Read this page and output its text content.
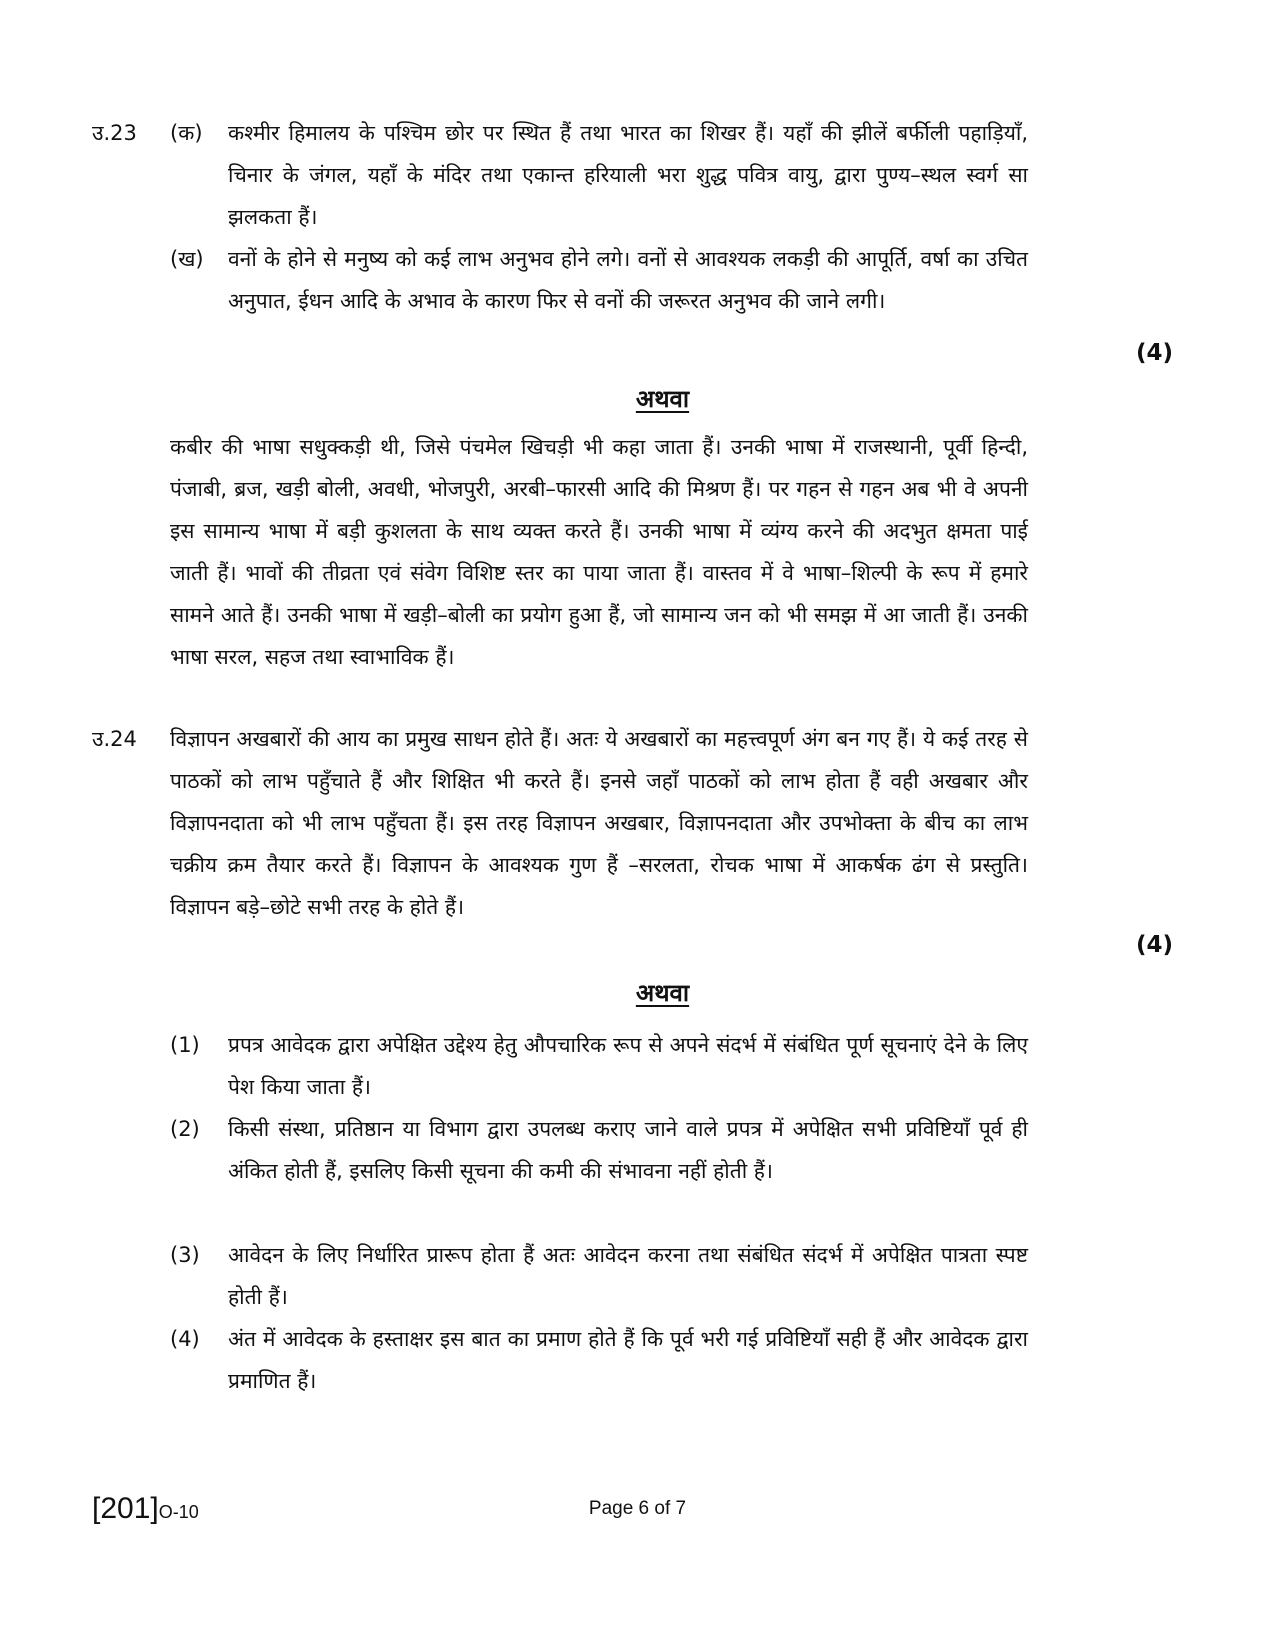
उ.23 (क) कश्मीर हिमालय के पश्चिम छोर पर स्थित हैं तथा भारत का शिखर हैं। यहाँ की झीलें बर्फीली पहाड़ियाँ, चिनार के जंगल, यहाँ के मंदिर तथा एकान्त हरियाली भरा शुद्ध पवित्र वायु, द्वारा पुण्य–स्थल स्वर्ग सा झलकता हैं।

(ख) वनों के होने से मनुष्य को कई लाभ अनुभव होने लगे। वनों से आवश्यक लकड़ी की आपूर्ति, वर्षा का उचित अनुपात, ईधन आदि के अभाव के कारण फिर से वनों की जरूरत अनुभव की जाने लगी।

(4)
अथवा

कबीर की भाषा सधुक्कड़ी थी, जिसे पंचमेल खिचड़ी भी कहा जाता हैं। उनकी भाषा में राजस्थानी, पूर्वी हिन्दी, पंजाबी, ब्रज, खड़ी बोली, अवधी, भोजपुरी, अरबी–फारसी आदि की मिश्रण हैं। पर गहन से गहन अब भी वे अपनी इस सामान्य भाषा में बड़ी कुशलता के साथ व्यक्त करते हैं। उनकी भाषा में व्यंग्य करने की अदभुत क्षमता पाई जाती हैं। भावों की तीव्रता एवं संवेग विशिष्ट स्तर का पाया जाता हैं। वास्तव में वे भाषा–शिल्पी के रूप में हमारे सामने आते हैं। उनकी भाषा में खड़ी–बोली का प्रयोग हुआ हैं, जो सामान्य जन को भी समझ में आ जाती हैं। उनकी भाषा सरल, सहज तथा स्वाभाविक हैं।

उ.24 विज्ञापन अखबारों की आय का प्रमुख साधन होते हैं। अतः ये अखबारों का महत्त्वपूर्ण अंग बन गए हैं। ये कई तरह से पाठकों को लाभ पहुँचाते हैं और शिक्षित भी करते हैं। इनसे जहाँ पाठकों को लाभ होता हैं वही अखबार और विज्ञापनदाता को भी लाभ पहुँचता हैं। इस तरह विज्ञापन अखबार, विज्ञापनदाता और उपभोक्ता के बीच का लाभ चक्रीय क्रम तैयार करते हैं। विज्ञापन के आवश्यक गुण हैं –सरलता, रोचक भाषा में आकर्षक ढंग से प्रस्तुति। विज्ञापन बड़े–छोटे सभी तरह के होते हैं।

(4)
अथवा
(1) प्रपत्र आवेदक द्वारा अपेक्षित उद्देश्य हेतु औपचारिक रूप से अपने संदर्भ में संबंधित पूर्ण सूचनाएं देने के लिए पेश किया जाता हैं।

(2) किसी संस्था, प्रतिष्ठान या विभाग द्वारा उपलब्ध कराए जाने वाले प्रपत्र में अपेक्षित सभी प्रविष्टियाँ पूर्व ही अंकित होती हैं, इसलिए किसी सूचना की कमी की संभावना नहीं होती हैं।

(3) आवेदन के लिए निर्धारित प्रारूप होता हैं अतः आवेदन करना तथा संबंधित संदर्भ में अपेक्षित पात्रता स्पष्ट होती हैं।

(4) अंत में आवेदक के हस्ताक्षर इस बात का प्रमाण होते हैं कि पूर्व भरी गई प्रविष्टियाँ सही हैं और आवेदक द्वारा प्रमाणित हैं।

[201]O-10	Page 6 of 7
